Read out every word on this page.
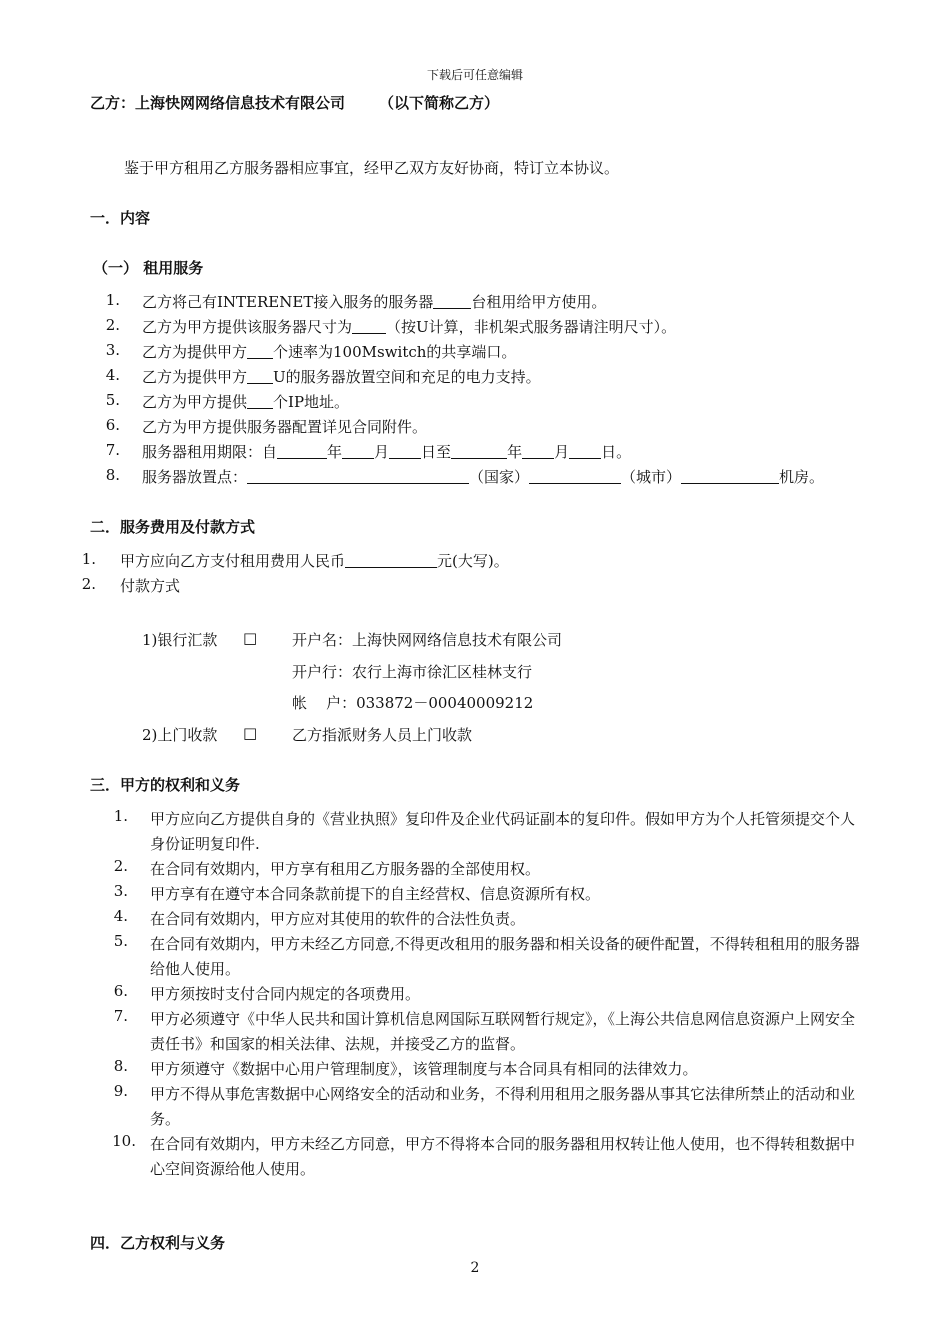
下载后可任意编辑
乙方：上海快网网络信息技术有限公司 （以下简称乙方）
鉴于甲方租用乙方服务器相应事宜，经甲乙双方友好协商，特订立本协议。
一．内容
（一） 租用服务
1. 乙方将己有INTERENET接入服务的服务器	台租用给甲方使用。
2. 乙方为甲方提供该服务器尺寸为 （按U计算，非机架式服务器请注明尺寸）。
3. 乙方为提供甲方 个速率为100Mswitch的共享端口。
4. 乙方为提供甲方 U的服务器放置空间和充足的电力支持。
5. 乙方为甲方提供 个IP地址。
6. 乙方为甲方提供服务器配置详见合同附件。
7. 服务器租用期限：自	年 月 日至	年 月 日。
8. 服务器放置点：	（国家）	（城市）	机房。
二．服务费用及付款方式
1. 甲方应向乙方支付租用费用人民币	元(大写)。
2. 付款方式
1)银行汇款 □ 开户名：上海快网网络信息技术有限公司
开户行：农行上海市徐汇区桂林支行
帐    户：033872－00040009212
2)上门收款 □ 乙方指派财务人员上门收款
三．甲方的权利和义务
1. 甲方应向乙方提供自身的《营业执照》复印件及企业代码证副本的复印件。假如甲方为个人托管须提交个人身份证明复印件.
2. 在合同有效期内，甲方享有租用乙方服务器的全部使用权。
3. 甲方享有在遵守本合同条款前提下的自主经营权、信息资源所有权。
4. 在合同有效期内，甲方应对其使用的软件的合法性负责。
5. 在合同有效期内，甲方未经乙方同意,不得更改租用的服务器和相关设备的硬件配置，不得转租租用的服务器给他人使用。
6. 甲方须按时支付合同内规定的各项费用。
7. 甲方必须遵守《中华人民共和国计算机信息网国际互联网暂行规定》，《上海公共信息网信息资源户上网安全责任书》和国家的相关法律、法规，并接受乙方的监督。
8. 甲方须遵守《数据中心用户管理制度》，该管理制度与本合同具有相同的法律效力。
9. 甲方不得从事危害数据中心网络安全的活动和业务，不得利用租用之服务器从事其它法律所禁止的活动和业务。
10. 在合同有效期内，甲方未经乙方同意，甲方不得将本合同的服务器租用权转让他人使用，也不得转租数据中心空间资源给他人使用。
四．乙方权利与义务
2
